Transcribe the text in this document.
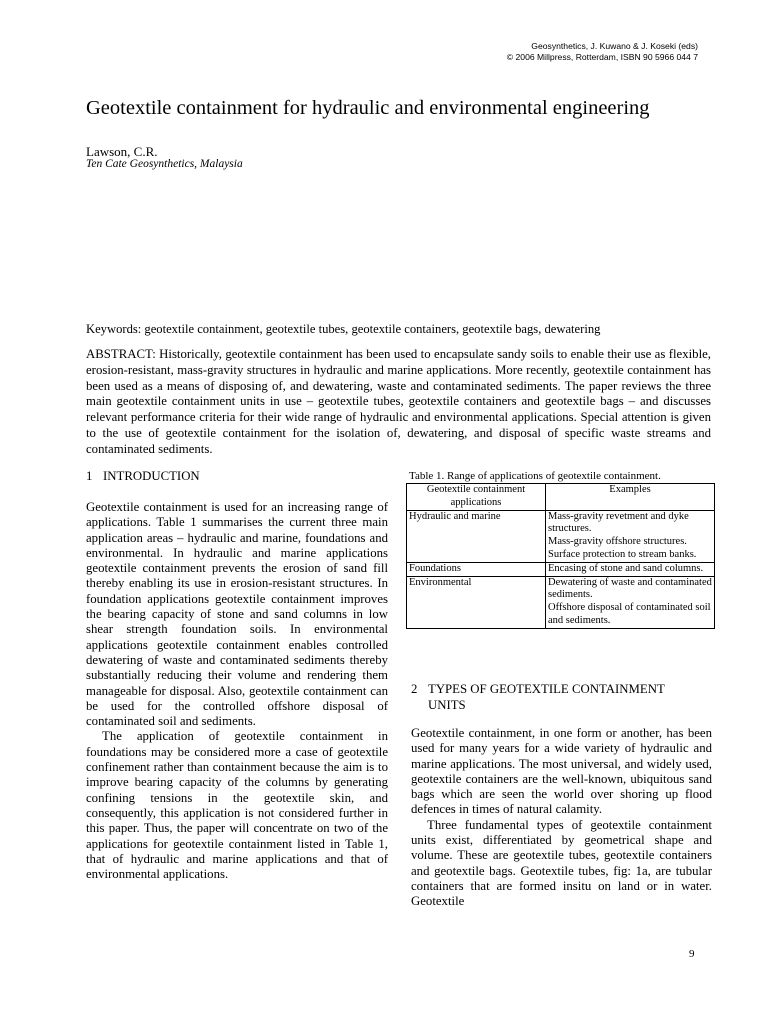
Geosynthetics, J. Kuwano & J. Koseki (eds)
© 2006 Millpress, Rotterdam, ISBN 90 5966 044 7
Geotextile containment for hydraulic and environmental engineering
Lawson, C.R.
Ten Cate Geosynthetics, Malaysia
Keywords: geotextile containment, geotextile tubes, geotextile containers, geotextile bags, dewatering
ABSTRACT: Historically, geotextile containment has been used to encapsulate sandy soils to enable their use as flexible, erosion-resistant, mass-gravity structures in hydraulic and marine applications. More recently, geotextile containment has been used as a means of disposing of, and dewatering, waste and contaminated sediments. The paper reviews the three main geotextile containment units in use – geotextile tubes, geotextile containers and geotextile bags – and discusses relevant performance criteria for their wide range of hydraulic and environmental applications. Special attention is given to the use of geotextile containment for the isolation of, dewatering, and disposal of specific waste streams and contaminated sediments.
1 INTRODUCTION

Geotextile containment is used for an increasing range of applications. Table 1 summarises the current three main application areas – hydraulic and marine, foundations and environmental. In hydraulic and marine applications geotextile containment prevents the erosion of sand fill thereby enabling its use in erosion-resistant structures. In foundation applications geotextile containment improves the bearing capacity of stone and sand columns in low shear strength foundation soils. In environmental applications geotextile containment enables controlled dewatering of waste and contaminated sediments thereby substantially reducing their volume and rendering them manageable for disposal. Also, geotextile containment can be used for the controlled offshore disposal of contaminated soil and sediments.

The application of geotextile containment in foundations may be considered more a case of geotextile confinement rather than containment because the aim is to improve bearing capacity of the columns by generating confining tensions in the geotextile skin, and consequently, this application is not considered further in this paper. Thus, the paper will concentrate on two of the applications for geotextile containment listed in Table 1, that of hydraulic and marine applications and that of environmental applications.

Table 1. Range of applications of geotextile containment.
Geotextile containment applications	Examples
Hydraulic and marine	Mass-gravity revetment and dyke structures.
Mass-gravity offshore structures.
Surface protection to stream banks.

Foundations	Encasing of stone and sand columns.

Environmental	Dewatering of waste and contaminated sediments.
Offshore disposal of contaminated soil and sediments.
2 TYPES OF GEOTEXTILE CONTAINMENT
UNITS

Geotextile containment, in one form or another, has been used for many years for a wide variety of hydraulic and marine applications. The most universal, and widely used, geotextile containers are the well-known, ubiquitous sand bags which are seen the world over shoring up flood defences in times of natural calamity.

Three fundamental types of geotextile containment units exist, differentiated by geometrical shape and volume. These are geotextile tubes, geotextile containers and geotextile bags. Geotextile tubes, fig: 1a, are tubular containers that are formed insitu on land or in water. Geotextile

9
